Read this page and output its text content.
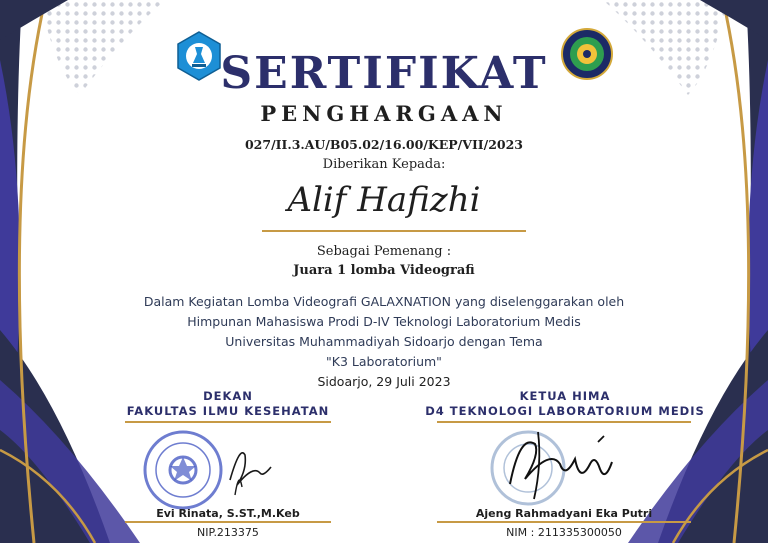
SERTIFIKAT
PENGHARGAAN
027/II.3.AU/B05.02/16.00/KEP/VII/2023
Diberikan Kepada:
Alif Hafizhi
Sebagai Pemenang :
Juara 1 lomba Videografi
Dalam Kegiatan Lomba Videografi GALAXNATION yang diselenggarakan oleh
Himpunan Mahasiswa Prodi D-IV Teknologi Laboratorium Medis
Universitas Muhammadiyah Sidoarjo dengan Tema
"K3 Laboratorium"
Sidoarjo, 29 Juli 2023
DEKAN
FAKULTAS ILMU KESEHATAN
Evi Rinata, S.ST.,M.Keb
NIP.213375
KETUA HIMA
D4 TEKNOLOGI LABORATORIUM MEDIS
Ajeng Rahmadyani Eka Putri
NIM : 211335300050
